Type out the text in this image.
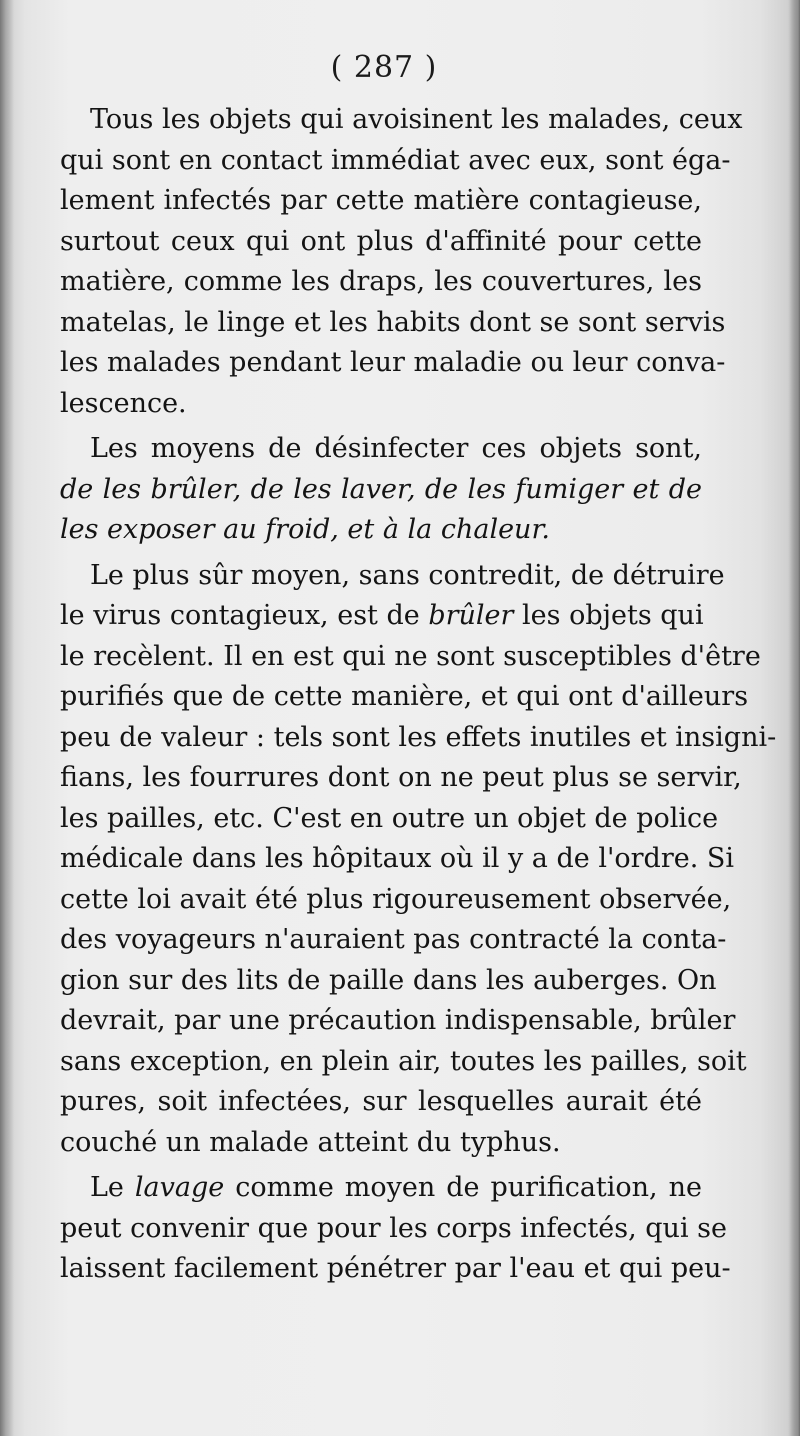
( 287 )
Tous les objets qui avoisinent les malades, ceux
qui sont en contact immédiat avec eux, sont éga-
lement infectés par cette matière contagieuse,
surtout ceux qui ont plus d'affinité pour cette
matière, comme les draps, les couvertures, les
matelas, le linge et les habits dont se sont servis
les malades pendant leur maladie ou leur conva-
lescence.
Les moyens de désinfecter ces objets sont,
de les brûler, de les laver, de les fumiger et de
les exposer au froid, et à la chaleur.
Le plus sûr moyen, sans contredit, de détruire
le virus contagieux, est de brûler les objets qui
le recèlent. Il en est qui ne sont susceptibles d'être
purifiés que de cette manière, et qui ont d'ailleurs
peu de valeur : tels sont les effets inutiles et insigni-
fians, les fourrures dont on ne peut plus se servir,
les pailles, etc. C'est en outre un objet de police
médicale dans les hôpitaux où il y a de l'ordre. Si
cette loi avait été plus rigoureusement observée,
des voyageurs n'auraient pas contracté la conta-
gion sur des lits de paille dans les auberges. On
devrait, par une précaution indispensable, brûler
sans exception, en plein air, toutes les pailles, soit
pures, soit infectées, sur lesquelles aurait été
couché un malade atteint du typhus.
Le lavage comme moyen de purification, ne
peut convenir que pour les corps infectés, qui se
laissent facilement pénétrer par l'eau et qui peu-
